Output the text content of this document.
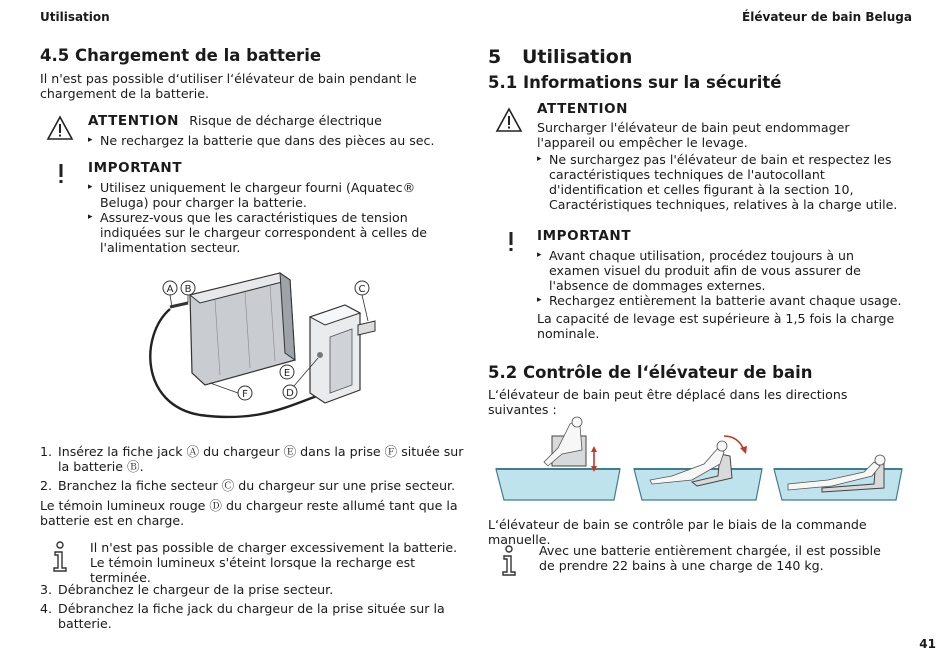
Utilisation	Élévateur de bain Beluga
4.5 Chargement de la batterie
Il n'est pas possible d‘utiliser l‘élévateur de bain pendant le chargement de la batterie.
ATTENTION Risque de décharge électrique
▸ Ne rechargez la batterie que dans des pièces au sec.
IMPORTANT
▸ Utilisez uniquement le chargeur fourni (Aquatec® Beluga) pour charger la batterie.
▸ Assurez-vous que les caractéristiques de tension indiquées sur le chargeur correspondent à celles de l'alimentation secteur.
A B	C
D
E
F
1. Insérez la fiche jack Ⓐ du chargeur Ⓔ dans la prise Ⓕ située sur la batterie Ⓑ.
2. Branchez la fiche secteur Ⓒ du chargeur sur une prise secteur.
Le témoin lumineux rouge Ⓓ du chargeur reste allumé tant que la batterie est en charge.
Il n'est pas possible de charger excessivement la batterie. Le témoin lumineux s'éteint lorsque la recharge est terminée.
3. Débranchez le chargeur de la prise secteur.
4. Débranchez la fiche jack du chargeur de la prise située sur la batterie.
5 Utilisation
5.1 Informations sur la sécurité
ATTENTION
Surcharger l'élévateur de bain peut endommager l'appareil ou empêcher le levage.
▸ Ne surchargez pas l'élévateur de bain et respectez les caractéristiques techniques de l'autocollant d'identification et celles figurant à la section 10, Caractéristiques techniques, relatives à la charge utile.
IMPORTANT
▸ Avant chaque utilisation, procédez toujours à un examen visuel du produit afin de vous assurer de l'absence de dommages externes.
▸ Rechargez entièrement la batterie avant chaque usage.
La capacité de levage est supérieure à 1,5 fois la charge nominale.
5.2 Contrôle de l‘élévateur de bain
L‘élévateur de bain peut être déplacé dans les directions suivantes :
L‘élévateur de bain se contrôle par le biais de la commande manuelle.
Avec une batterie entièrement chargée, il est possible de prendre 22 bains à une charge de 140 kg.
41
